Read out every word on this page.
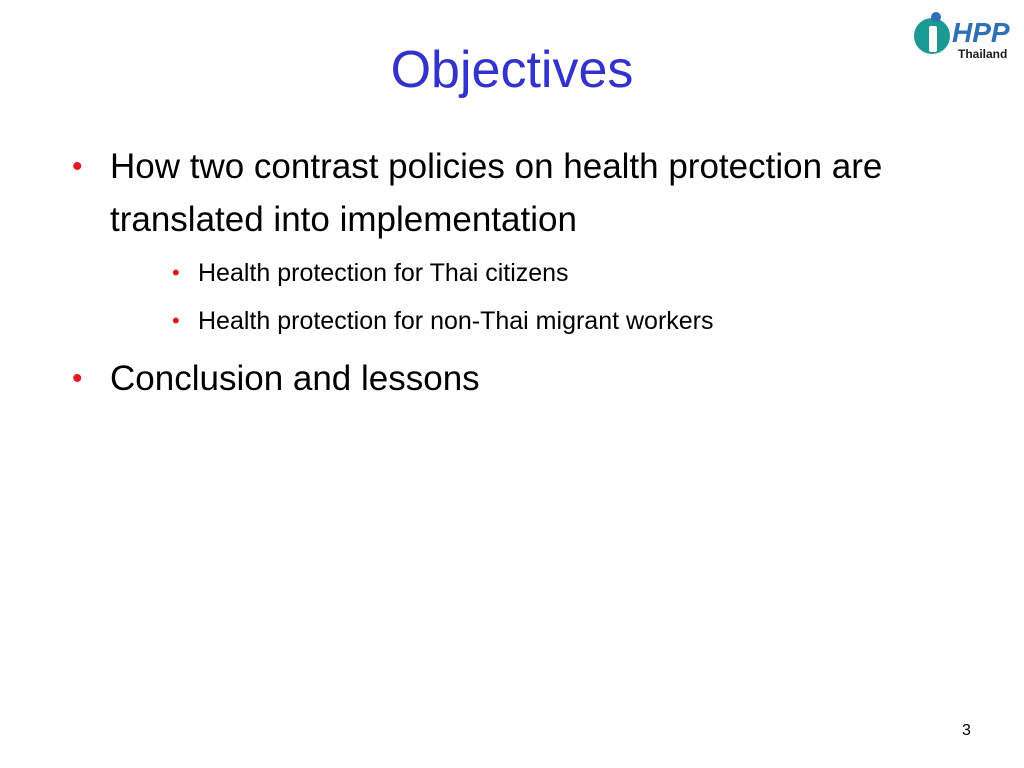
Objectives
HPP
Thailand
• How two contrast policies on health protection are translated into implementation
• Health protection for Thai citizens
• Health protection for non-Thai migrant workers
• Conclusion and lessons
3
